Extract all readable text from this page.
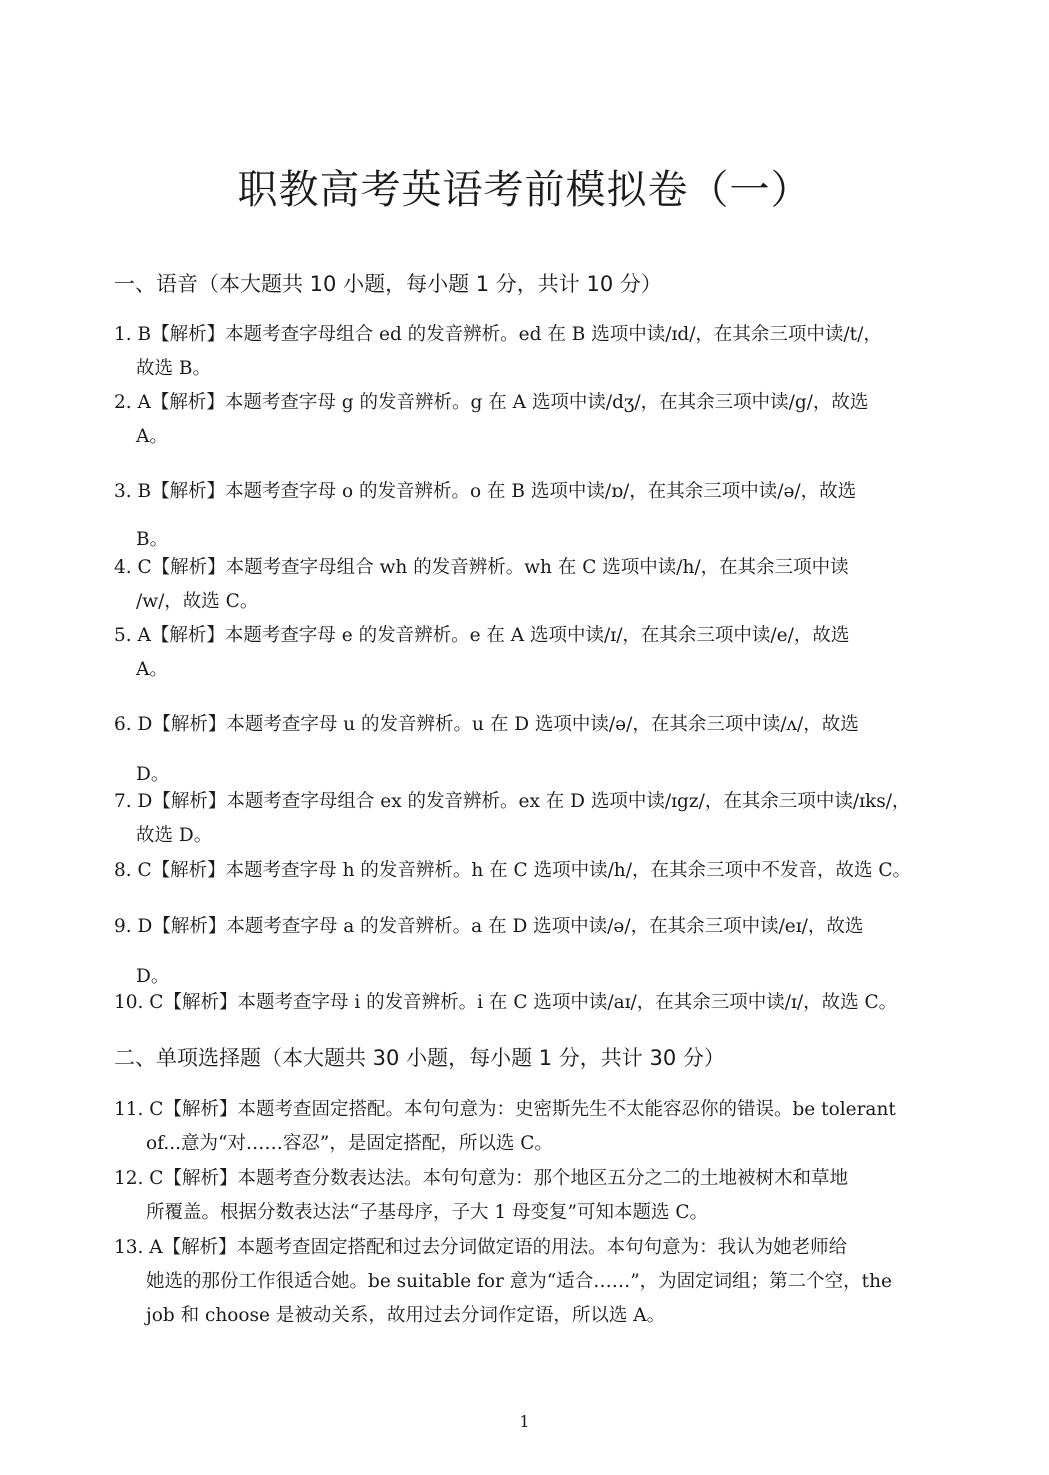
职教高考英语考前模拟卷（一）
一、语音（本大题共 10 小题，每小题 1 分，共计 10 分）
1. B【解析】本题考查字母组合 ed 的发音辨析。ed 在 B 选项中读/ɪd/，在其余三项中读/t/，
故选 B。
2. A【解析】本题考查字母 g 的发音辨析。g 在 A 选项中读/dʒ/，在其余三项中读/g/，故选
A。
3. B【解析】本题考查字母 o 的发音辨析。o 在 B 选项中读/ɒ/，在其余三项中读/ə/，故选
B。
4. C【解析】本题考查字母组合 wh 的发音辨析。wh 在 C 选项中读/h/，在其余三项中读
/w/，故选 C。
5. A【解析】本题考查字母 e 的发音辨析。e 在 A 选项中读/ɪ/，在其余三项中读/e/，故选
A。
6. D【解析】本题考查字母 u 的发音辨析。u 在 D 选项中读/ə/，在其余三项中读/ʌ/，故选
D。
7. D【解析】本题考查字母组合 ex 的发音辨析。ex 在 D 选项中读/ɪgz/，在其余三项中读/ɪks/，
故选 D。
8. C【解析】本题考查字母 h 的发音辨析。h 在 C 选项中读/h/，在其余三项中不发音，故选 C。
9. D【解析】本题考查字母 a 的发音辨析。a 在 D 选项中读/ə/，在其余三项中读/eɪ/，故选
D。
10. C【解析】本题考查字母 i 的发音辨析。i 在 C 选项中读/aɪ/，在其余三项中读/ɪ/，故选 C。
二、单项选择题（本大题共 30 小题，每小题 1 分，共计 30 分）
11. C【解析】本题考查固定搭配。本句句意为：史密斯先生不太能容忍你的错误。be tolerant
of...意为“对……容忍”，是固定搭配，所以选 C。
12. C【解析】本题考查分数表达法。本句句意为：那个地区五分之二的土地被树木和草地
所覆盖。根据分数表达法“子基母序，子大 1 母变复”可知本题选 C。
13. A【解析】本题考查固定搭配和过去分词做定语的用法。本句句意为：我认为她老师给
她选的那份工作很适合她。be suitable for 意为“适合……”，为固定词组；第二个空，the
job 和 choose 是被动关系，故用过去分词作定语，所以选 A。
1
